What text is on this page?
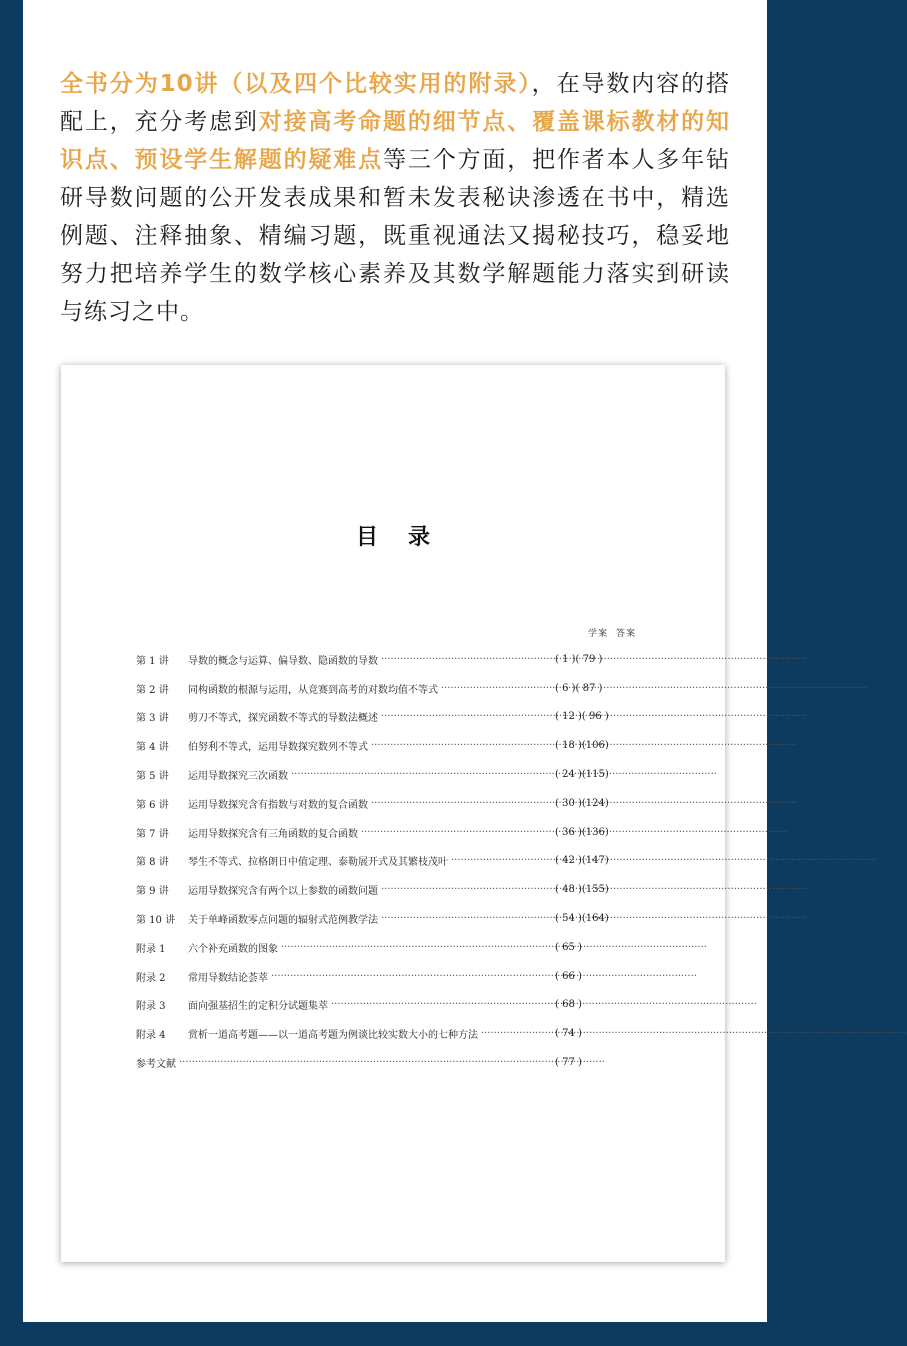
全书分为10讲（以及四个比较实用的附录），在导数内容的搭配上，充分考虑到对接高考命题的细节点、覆盖课标教材的知识点、预设学生解题的疑难点等三个方面，把作者本人多年钻研导数问题的公开发表成果和暂未发表秘诀渗透在书中，精选例题、注释抽象、精编习题，既重视通法又揭秘技巧，稳妥地努力把培养学生的数学核心素养及其数学解题能力落实到研读与练习之中。

目录
学案 答案
第 1 讲	导数的概念与运算、偏导数、隐函数的导数 ·····	( 1 )( 79 )
第 2 讲	同构函数的根源与运用，从竞赛到高考的对数均值不等式 ·····	( 6 )( 87 )
第 3 讲	剪刀不等式，探究函数不等式的导数法概述 ·····	( 12 )( 96 )
第 4 讲	伯努利不等式，运用导数探究数列不等式 ·····	( 18 )(106)
第 5 讲	运用导数探究三次函数 ·····	( 24 )(115)
第 6 讲	运用导数探究含有指数与对数的复合函数 ·····	( 30 )(124)
第 7 讲	运用导数探究含有三角函数的复合函数 ·····	( 36 )(136)
第 8 讲	琴生不等式、拉格朗日中值定理、泰勒展开式及其繁枝茂叶 ·····	( 42 )(147)
第 9 讲	运用导数探究含有两个以上参数的函数问题 ·····	( 48 )(155)
第 10 讲	关于单峰函数零点问题的辐射式范例教学法 ·····	( 54 )(164)
附录 1	六个补充函数的图象 ·····	( 65 )
附录 2	常用导数结论荟萃 ·····	( 66 )
附录 3	面向强基招生的定积分试题集萃 ·····	( 68 )
附录 4	赏析一道高考题——以一道高考题为例谈比较实数大小的七种方法 ·····	( 74 )
参考文献 ·····	( 77 )
